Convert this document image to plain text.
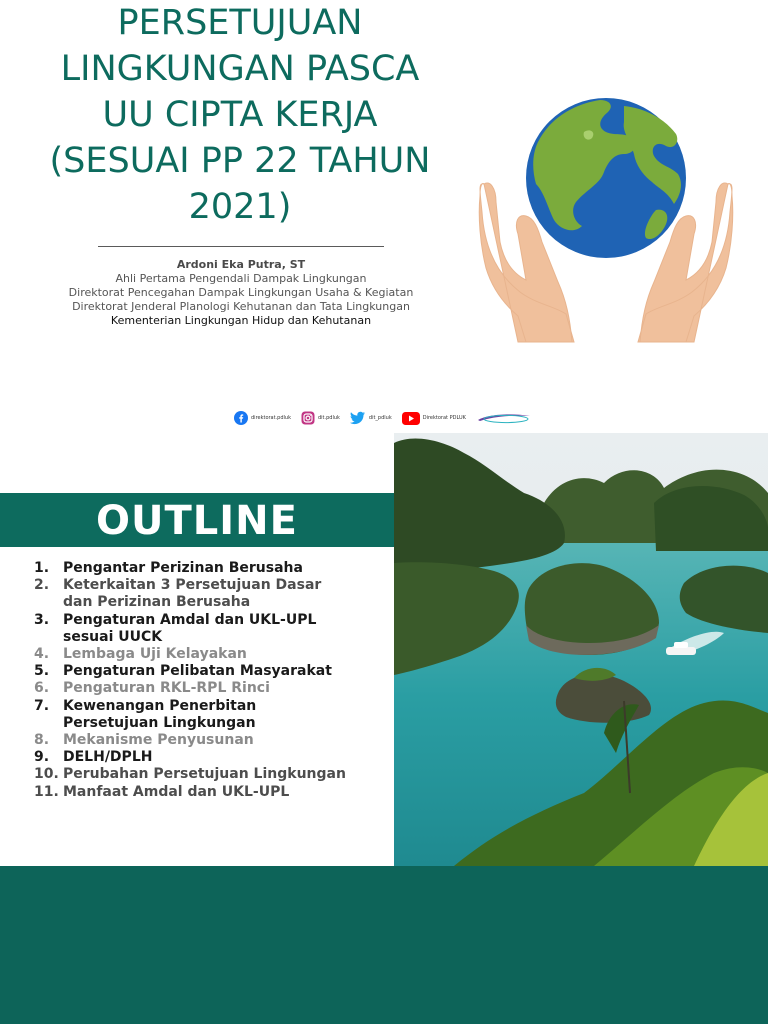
PERSETUJUAN
LINGKUNGAN PASCA
UU CIPTA KERJA
(SESUAI PP 22 TAHUN
2021)
Ardoni Eka Putra, ST
Ahli Pertama Pengendali Dampak Lingkungan
Direktorat Pencegahan Dampak Lingkungan Usaha & Kegiatan
Direktorat Jenderal Planologi Kehutanan dan Tata Lingkungan
Kementerian Lingkungan Hidup dan Kehutanan
direktorat.pdluk	dit.pdluk	dit_pdluk	Direktorat PDLUK
OUTLINE
1. Pengantar Perizinan Berusaha
2. Keterkaitan 3 Persetujuan Dasar
dan Perizinan Berusaha
3. Pengaturan Amdal dan UKL-UPL
sesuai UUCK
4. Lembaga Uji Kelayakan
5. Pengaturan Pelibatan Masyarakat
6. Pengaturan RKL-RPL Rinci
7. Kewenangan Penerbitan
Persetujuan Lingkungan
8. Mekanisme Penyusunan
9. DELH/DPLH
10. Perubahan Persetujuan Lingkungan
11. Manfaat Amdal dan UKL-UPL
